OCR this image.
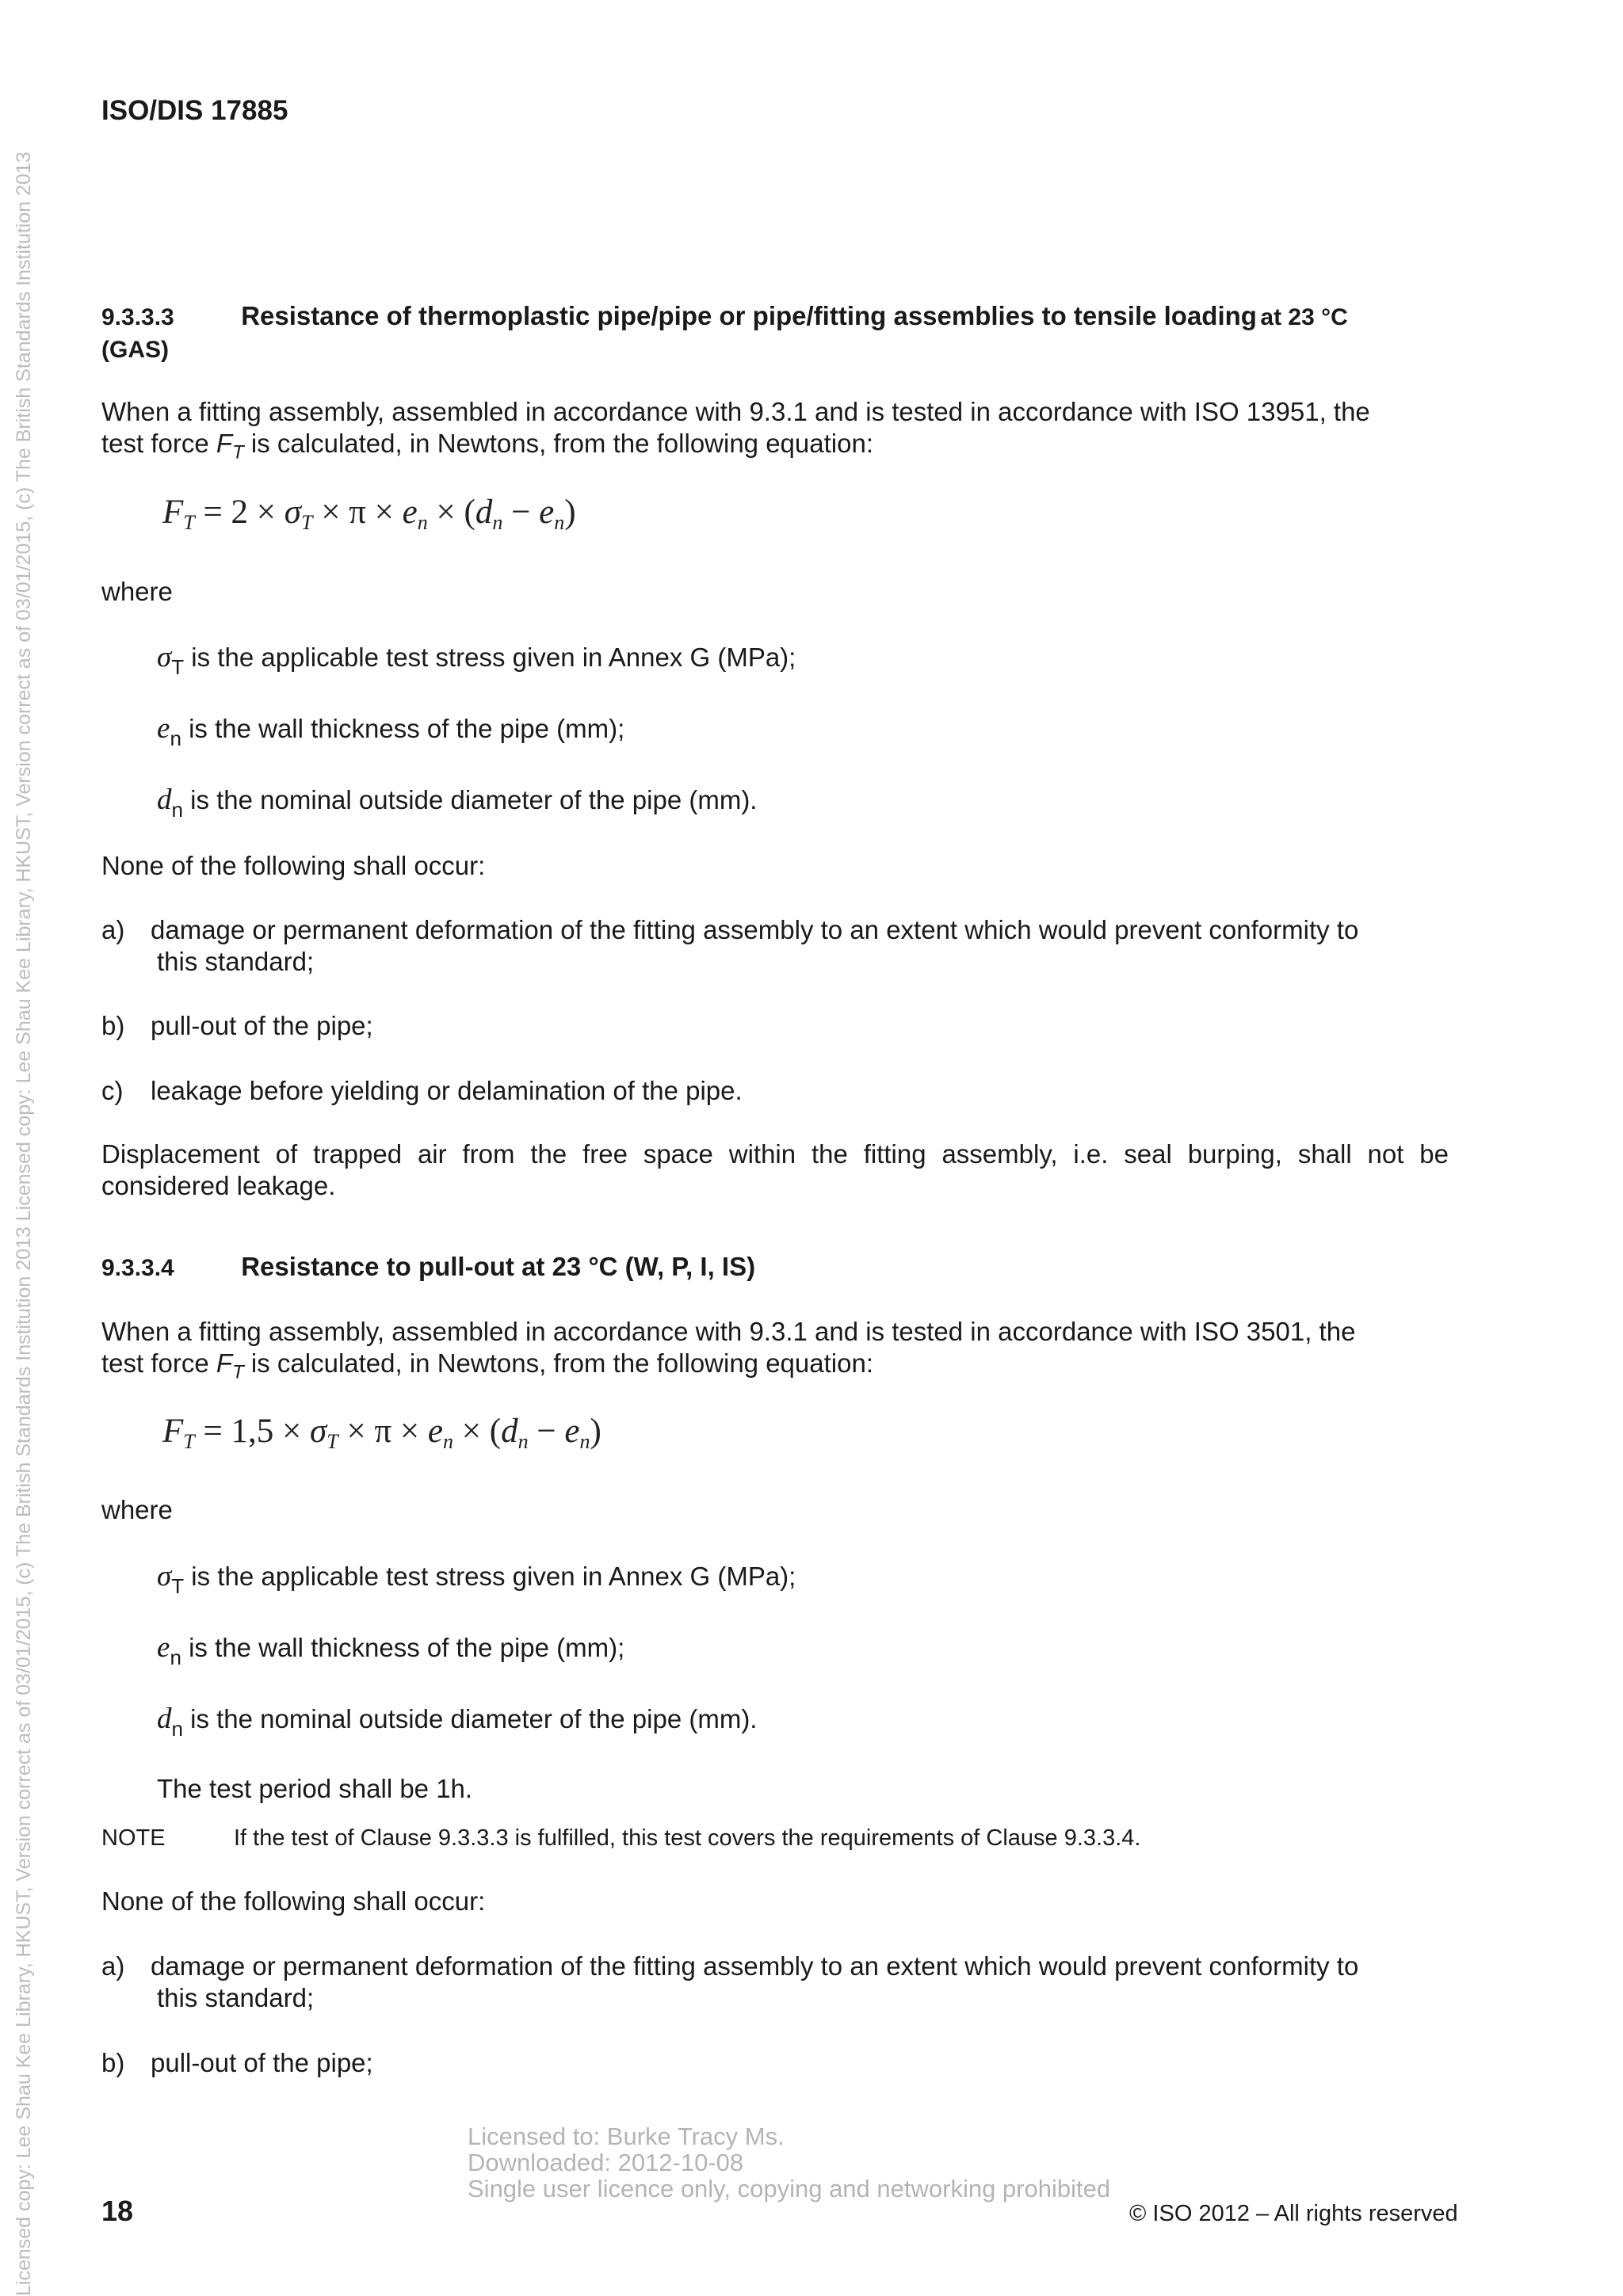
Licensed copy: Lee Shau Kee Library, HKUST, Version correct as of 03/01/2015, (c) The British Standards Institution 2013 Licensed copy: Lee Shau Kee Library, HKUST, Version correct as of 03/01/2015, (c) The British Standards Institution 2013
ISO/DIS 17885
9.3.3.3	Resistance of thermoplastic pipe/pipe or pipe/fitting assemblies to tensile loading at 23 °C
(GAS)
When a fitting assembly, assembled in accordance with 9.3.1 and is tested in accordance with ISO 13951, the
test force $F_T$ is calculated, in Newtons, from the following equation:
$F_T = 2 \times \sigma_T \times \pi \times e_n \times (d_n - e_n)$
where
$\sigma_T$ is the applicable test stress given in Annex G (MPa);
$e_n$ is the wall thickness of the pipe (mm);
$d_n$ is the nominal outside diameter of the pipe (mm).
None of the following shall occur:
a) damage or permanent deformation of the fitting assembly to an extent which would prevent conformity to
this standard;
b) pull-out of the pipe;
c) leakage before yielding or delamination of the pipe.
Displacement of trapped air from the free space within the fitting assembly, i.e. seal burping, shall not be
considered leakage.
9.3.3.4	Resistance to pull-out at 23 °C (W, P, I, IS)
When a fitting assembly, assembled in accordance with 9.3.1 and is tested in accordance with ISO 3501, the
test force $F_T$ is calculated, in Newtons, from the following equation:
$F_T = 1,5 \times \sigma_T \times \pi \times e_n \times (d_n - e_n)$
where
$\sigma_T$ is the applicable test stress given in Annex G (MPa);
$e_n$ is the wall thickness of the pipe (mm);
$d_n$ is the nominal outside diameter of the pipe (mm).
The test period shall be 1h.
NOTE	If the test of Clause 9.3.3.3 is fulfilled, this test covers the requirements of Clause 9.3.3.4.
None of the following shall occur:
a) damage or permanent deformation of the fitting assembly to an extent which would prevent conformity to
this standard;
b) pull-out of the pipe;
Licensed to: Burke Tracy Ms.
Downloaded: 2012-10-08
Single user licence only, copying and networking prohibited
18	© ISO 2012 – All rights reserved
